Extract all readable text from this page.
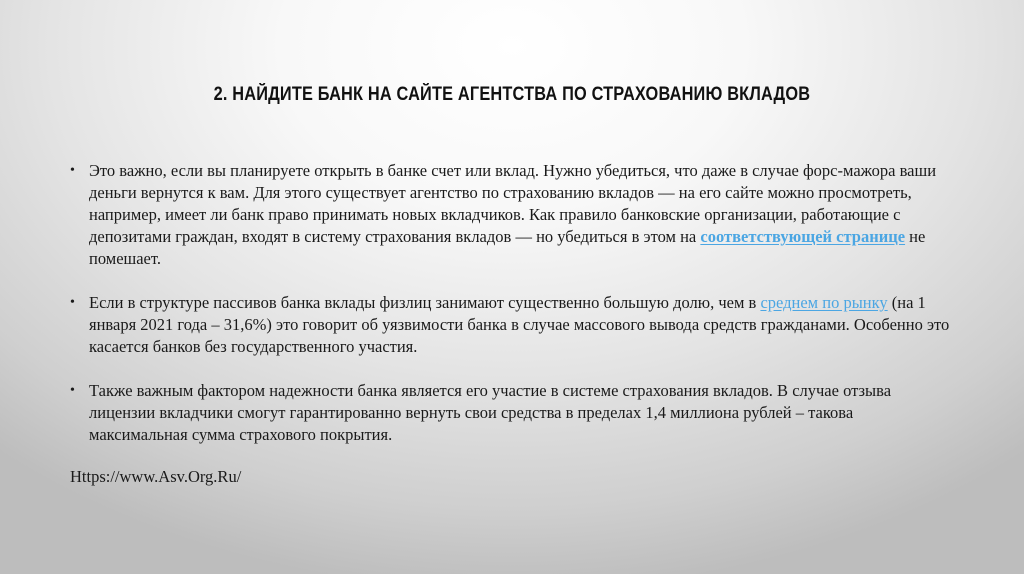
2. НАЙДИТЕ БАНК НА САЙТЕ АГЕНТСТВА ПО СТРАХОВАНИЮ ВКЛАДОВ
• Это важно, если вы планируете открыть в банке счет или вклад. Нужно убедиться, что даже в случае форс-мажора ваши деньги вернутся к вам. Для этого существует агентство по страхованию вкладов — на его сайте можно просмотреть, например, имеет ли банк право принимать новых вкладчиков. Как правило банковские организации, работающие с депозитами граждан, входят в систему страхования вкладов — но убедиться в этом на соответствующей странице не помешает.
• Если в структуре пассивов банка вклады физлиц занимают существенно большую долю, чем в среднем по рынку (на 1 января 2021 года – 31,6%) это говорит об уязвимости банка в случае массового вывода средств гражданами. Особенно это касается банков без государственного участия.
• Также важным фактором надежности банка является его участие в системе страхования вкладов. В случае отзыва лицензии вкладчики смогут гарантированно вернуть свои средства в пределах 1,4 миллиона рублей – такова максимальная сумма страхового покрытия.
Https://www.Asv.Org.Ru/
